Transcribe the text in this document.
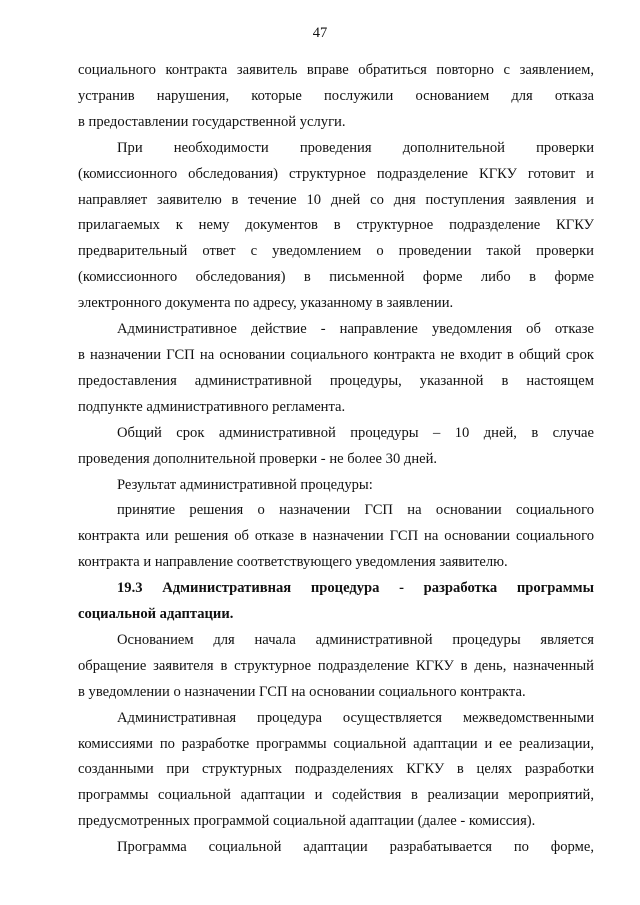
47
социального контракта заявитель вправе обратиться повторно с заявлением,
устранив нарушения, которые послужили основанием для отказа
в предоставлении государственной услуги.
При необходимости проведения дополнительной проверки
(комиссионного обследования) структурное подразделение КГКУ готовит и
направляет заявителю в течение 10 дней со дня поступления заявления и
прилагаемых к нему документов в структурное подразделение КГКУ
предварительный ответ с уведомлением о проведении такой проверки
(комиссионного обследования) в письменной форме либо в форме
электронного документа по адресу, указанному в заявлении.
Административное действие - направление уведомления об отказе
в назначении ГСП на основании социального контракта не входит в общий срок
предоставления административной процедуры, указанной в настоящем
подпункте административного регламента.
Общий срок административной процедуры – 10 дней, в случае
проведения дополнительной проверки - не более 30 дней.
Результат административной процедуры:
принятие решения о назначении ГСП на основании социального
контракта или решения об отказе в назначении ГСП на основании социального
контракта и направление соответствующего уведомления заявителю.
19.3 Административная процедура - разработка программы
социальной адаптации.
Основанием для начала административной процедуры является
обращение заявителя в структурное подразделение КГКУ в день, назначенный
в уведомлении о назначении ГСП на основании социального контракта.
Административная процедура осуществляется межведомственными
комиссиями по разработке программы социальной адаптации и ее реализации,
созданными при структурных подразделениях КГКУ в целях разработки
программы социальной адаптации и содействия в реализации мероприятий,
предусмотренных программой социальной адаптации (далее - комиссия).
Программа социальной адаптации разрабатывается по форме,
